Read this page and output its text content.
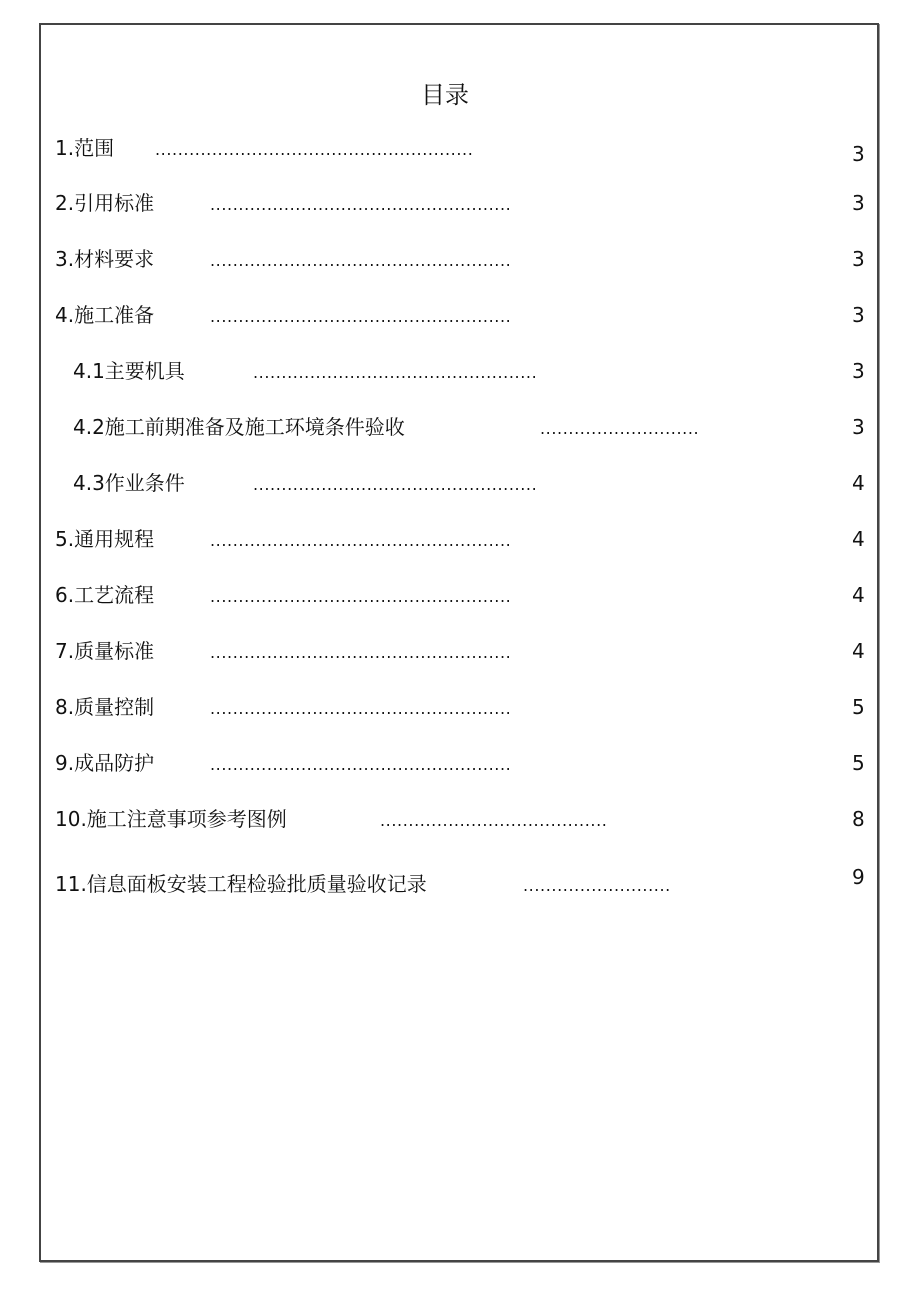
目录
1.范围	........................................................	3
2.引用标准	.....................................................	3
3.材料要求	.....................................................	3
4.施工准备	.....................................................	3
4.1主要机具	..................................................	3
4.2施工前期准备及施工环境条件验收	............................	3
4.3作业条件	..................................................	4
5.通用规程	.....................................................	4
6.工艺流程	.....................................................	4
7.质量标准	.....................................................	4
8.质量控制	.....................................................	5
9.成品防护	.....................................................	5
10.施工注意事项参考图例	........................................	8
11.信息面板安装工程检验批质量验收记录	..........................	9
